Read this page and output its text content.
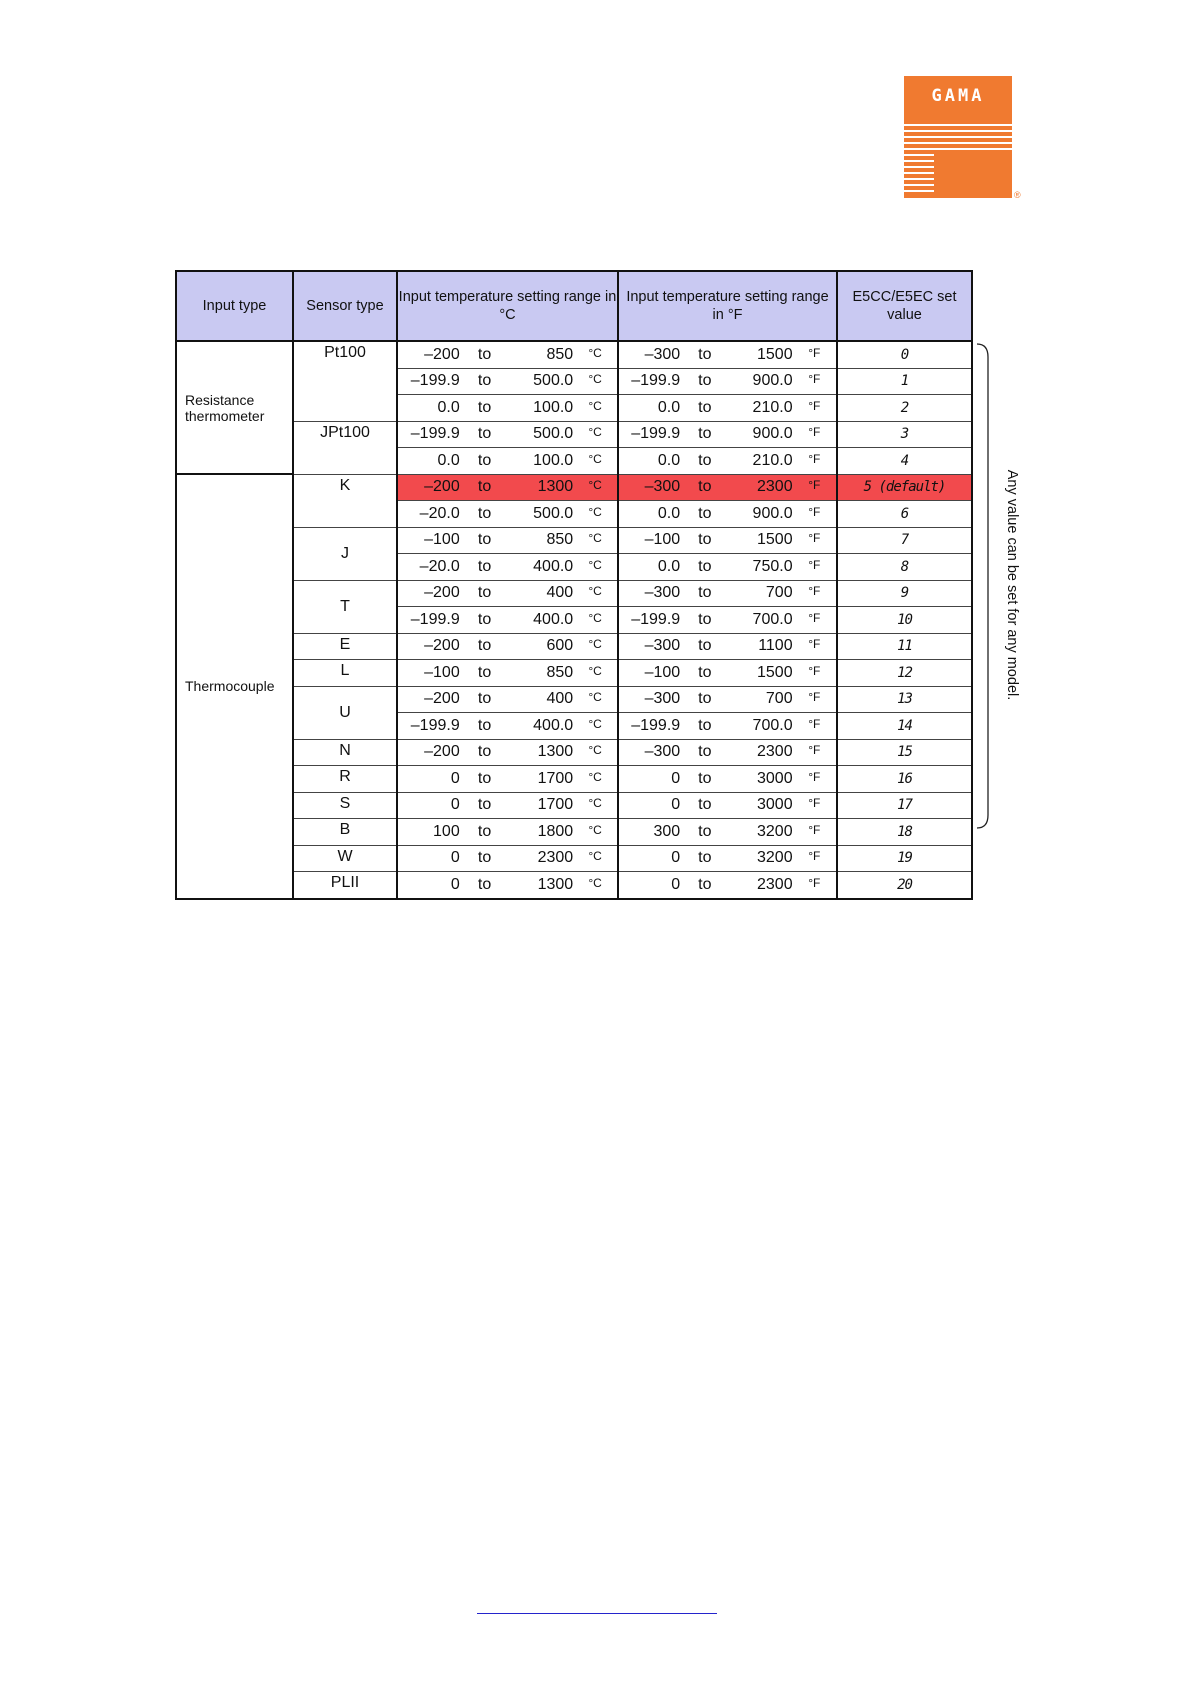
GAMA
®
Input type	Sensor type	Input temperature setting range in °C	Input temperature setting range in °F	E5CC/E5EC set value
Resistance thermometer	Pt100	–200 to 850 °C	–300 to 1500 °F	0

		–199.9 to 500.0 °C	–199.9 to 900.0 °F	1

		0.0 to 100.0 °C	0.0 to 210.0 °F	2
	JPt100	–199.9 to 500.0 °C	–199.9 to 900.0 °F	3

		0.0 to 100.0 °C	0.0 to 210.0 °F	4
Thermocouple	K	–200 to 1300 °C	–300 to 2300 °F	5 (default)

		–20.0 to 500.0 °C	0.0 to 900.0 °F	6
	J	–100 to 850 °C	–100 to 1500 °F	7

		–20.0 to 400.0 °C	0.0 to 750.0 °F	8
	T	–200 to 400 °C	–300 to 700 °F	9

		–199.9 to 400.0 °C	–199.9 to 700.0 °F	10
	E	–200 to 600 °C	–300 to 1100 °F	11
	L	–100 to 850 °C	–100 to 1500 °F	12
	U	–200 to 400 °C	–300 to 700 °F	13

		–199.9 to 400.0 °C	–199.9 to 700.0 °F	14
	N	–200 to 1300 °C	–300 to 2300 °F	15
	R	0 to 1700 °C	0 to 3000 °F	16
	S	0 to 1700 °C	0 to 3000 °F	17
	B	100 to 1800 °C	300 to 3200 °F	18
	W	0 to 2300 °C	0 to 3200 °F	19
	PLII	0 to 1300 °C	0 to 2300 °F	20
Any value can be set for any model.
